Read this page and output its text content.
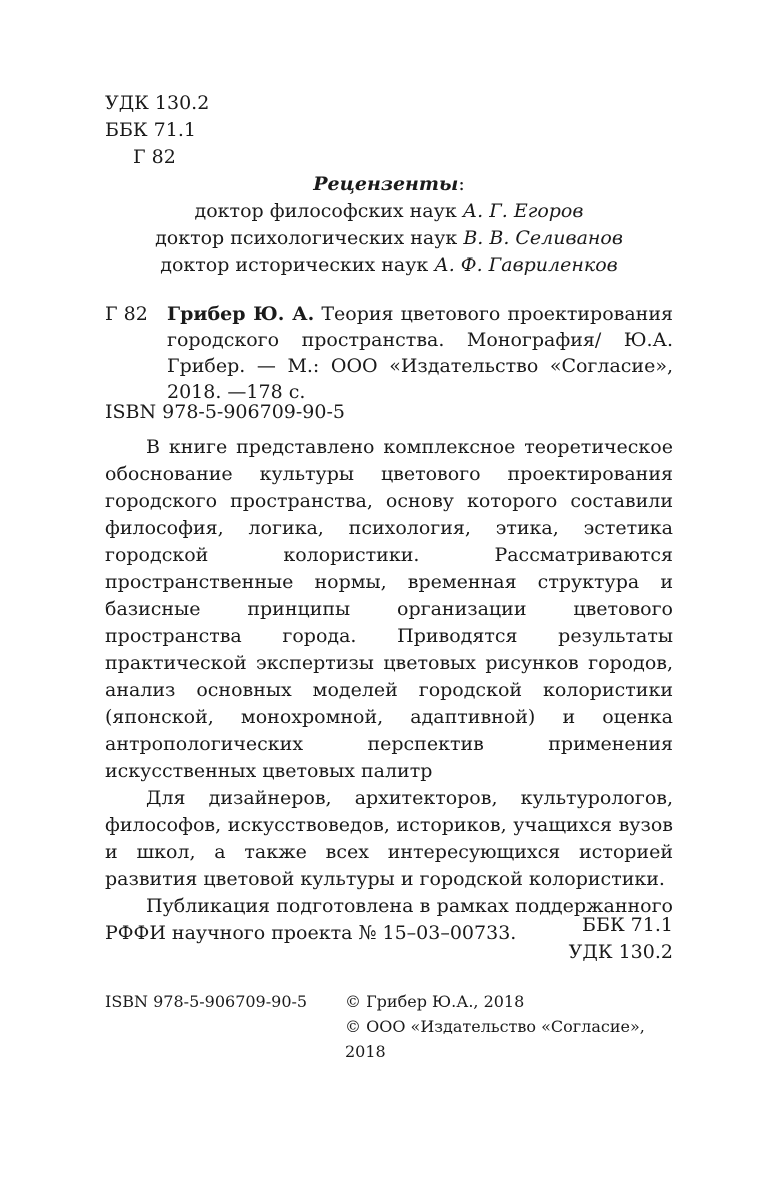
УДК 130.2
ББК 71.1
Г 82
Рецензенты:
доктор философских наук А. Г. Егоров
доктор психологических наук В. В. Селиванов
доктор исторических наук А. Ф. Гавриленков
Г 82 Грибер Ю. А. Теория цветового проектирования городского пространства. Монография/ Ю.А. Грибер. — М.: ООО «Издательство «Согласие», 2018. —178 с.
ISBN 978-5-906709-90-5

В книге представлено комплексное теоретическое обоснование культуры цветового проектирования городского пространства, основу которого составили философия, логика, психология, этика, эстетика городской колористики. Рассматриваются пространственные нормы, временная структура и базисные принципы организации цветового пространства города. Приводятся результаты практической экспертизы цветовых рисунков городов, анализ основных моделей городской колористики (японской, монохромной, адаптивной) и оценка антропологических перспектив применения искусственных цветовых палитр

Для дизайнеров, архитекторов, культурологов, философов, искусствоведов, историков, учащихся вузов и школ, а также всех интересующихся историей развития цветовой культуры и городской колористики.

Публикация подготовлена в рамках поддержанного РФФИ научного проекта № 15–03–00733.	ББК 71.1
УДК 130.2
ISBN 978-5-906709-90-5 © Грибер Ю.А., 2018
© ООО «Издательство «Согласие», 2018
